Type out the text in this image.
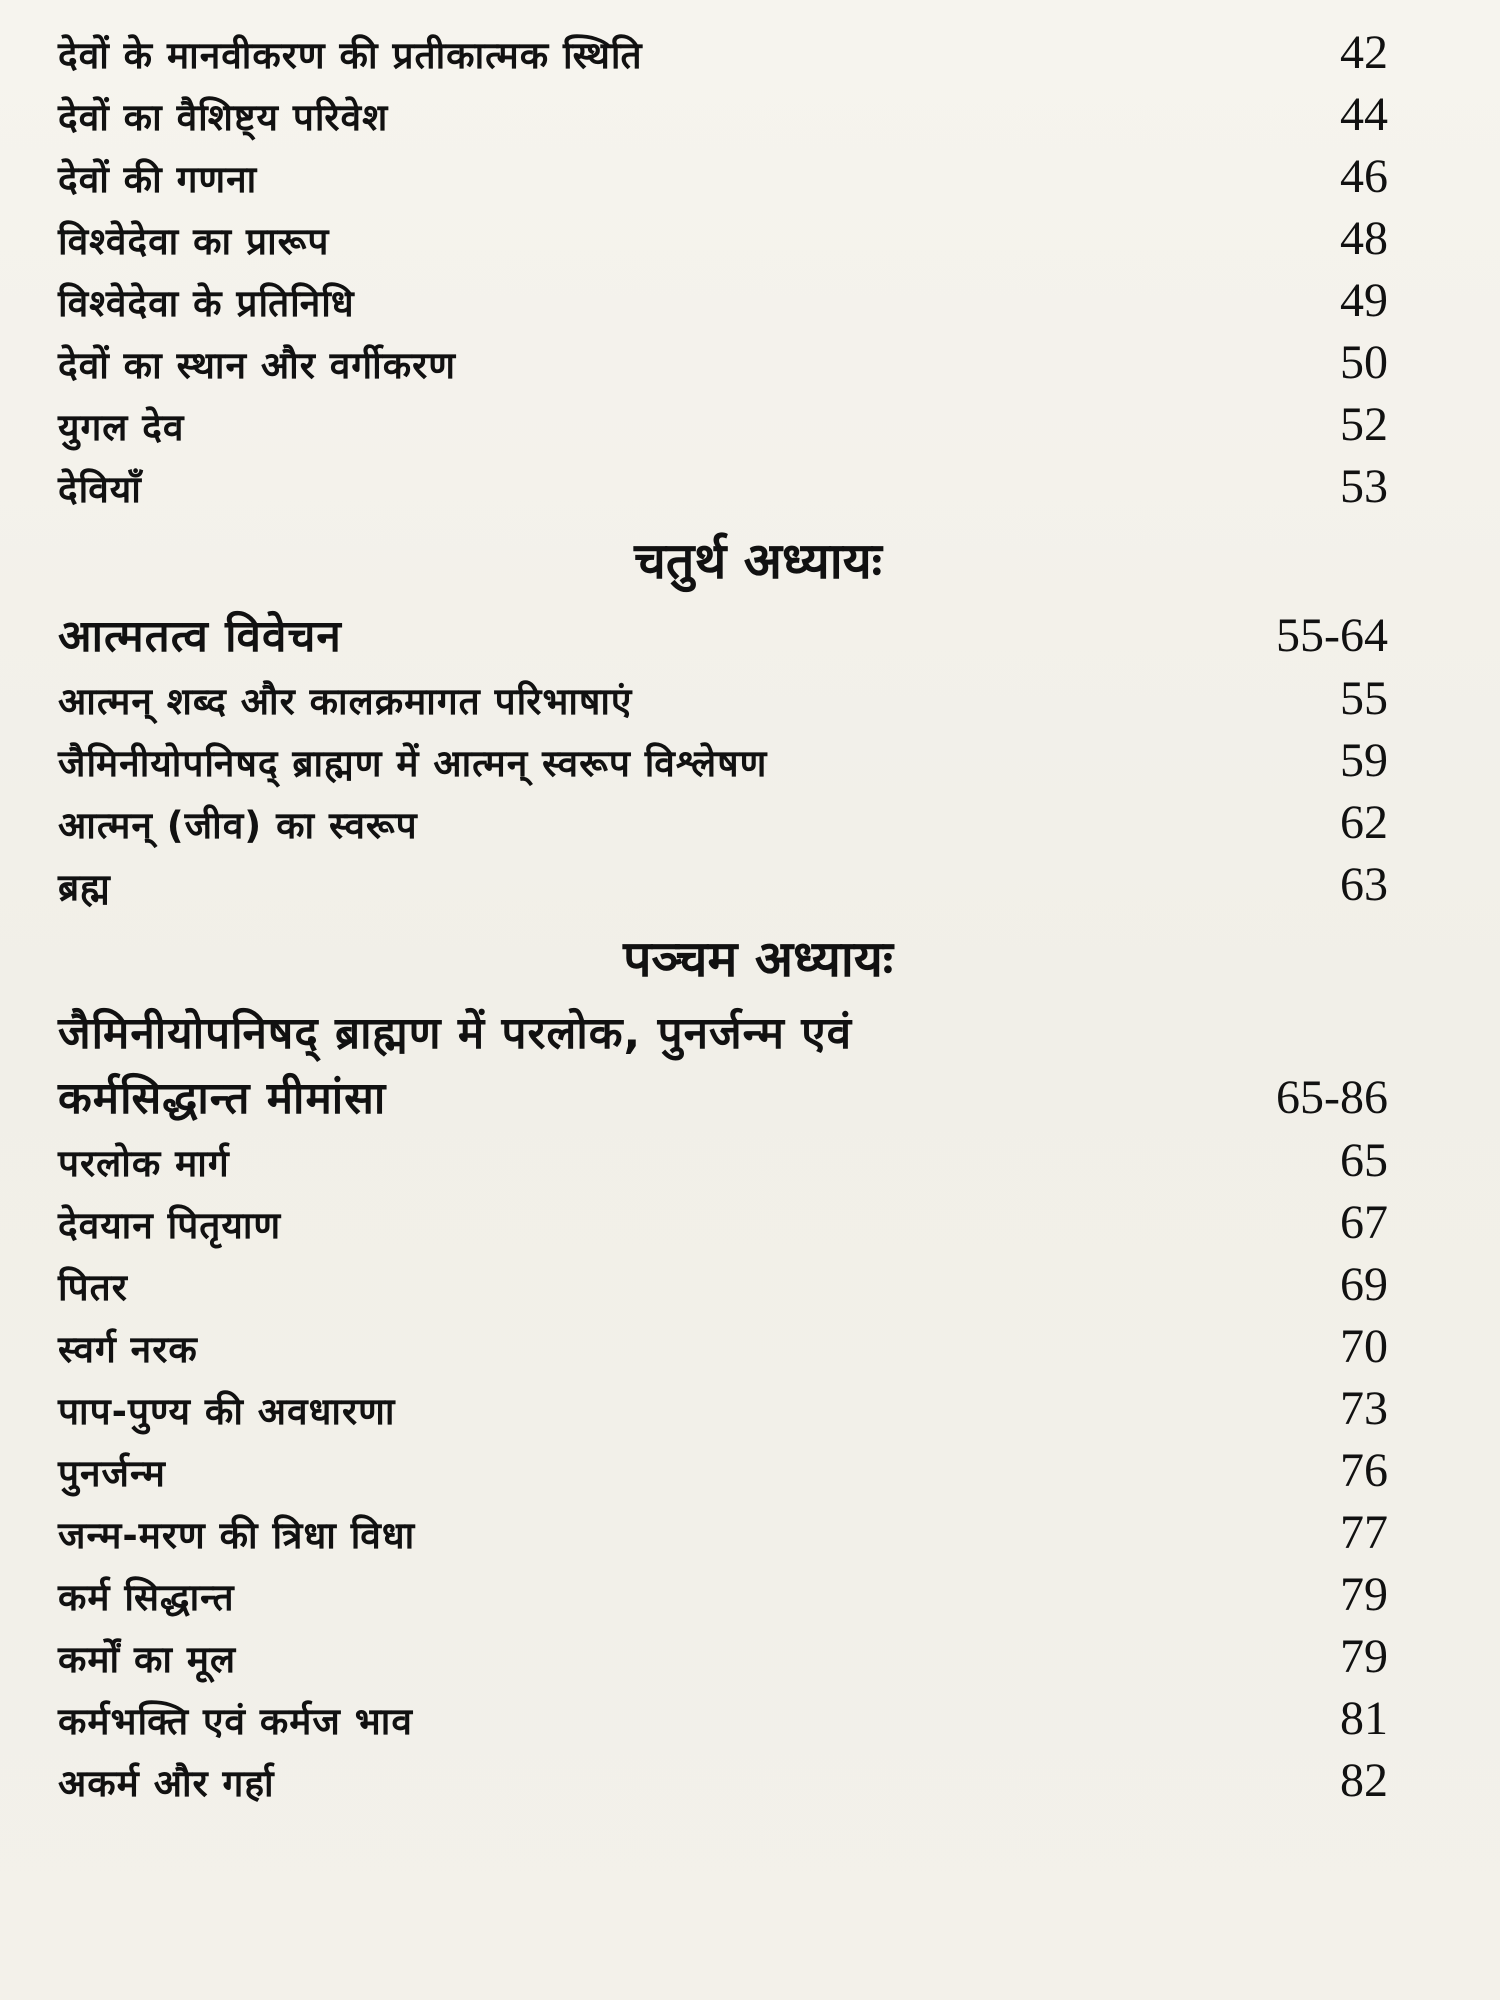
देवों के मानवीकरण की प्रतीकात्मक स्थिति	42
देवों का वैशिष्ट्य परिवेश	44
देवों की गणना	46
विश्वेदेवा का प्रारूप	48
विश्वेदेवा के प्रतिनिधि	49
देवों का स्थान और वर्गीकरण	50
युगल देव	52
देवियाँ	53
चतुर्थ अध्यायः
आत्मतत्व विवेचन	55-64
आत्मन् शब्द और कालक्रमागत परिभाषाएं	55
जैमिनीयोपनिषद् ब्राह्मण में आत्मन् स्वरूप विश्लेषण	59
आत्मन् (जीव) का स्वरूप	62
ब्रह्म	63
पञ्चम अध्यायः
जैमिनीयोपनिषद् ब्राह्मण में परलोक, पुनर्जन्म एवं
कर्मसिद्धान्त मीमांसा	65-86
परलोक मार्ग	65
देवयान पितृयाण	67
पितर	69
स्वर्ग नरक	70
पाप-पुण्य की अवधारणा	73
पुनर्जन्म	76
जन्म-मरण की त्रिधा विधा	77
कर्म सिद्धान्त	79
कर्मों का मूल	79
कर्मभक्ति एवं कर्मज भाव	81
अकर्म और गर्हा	82
